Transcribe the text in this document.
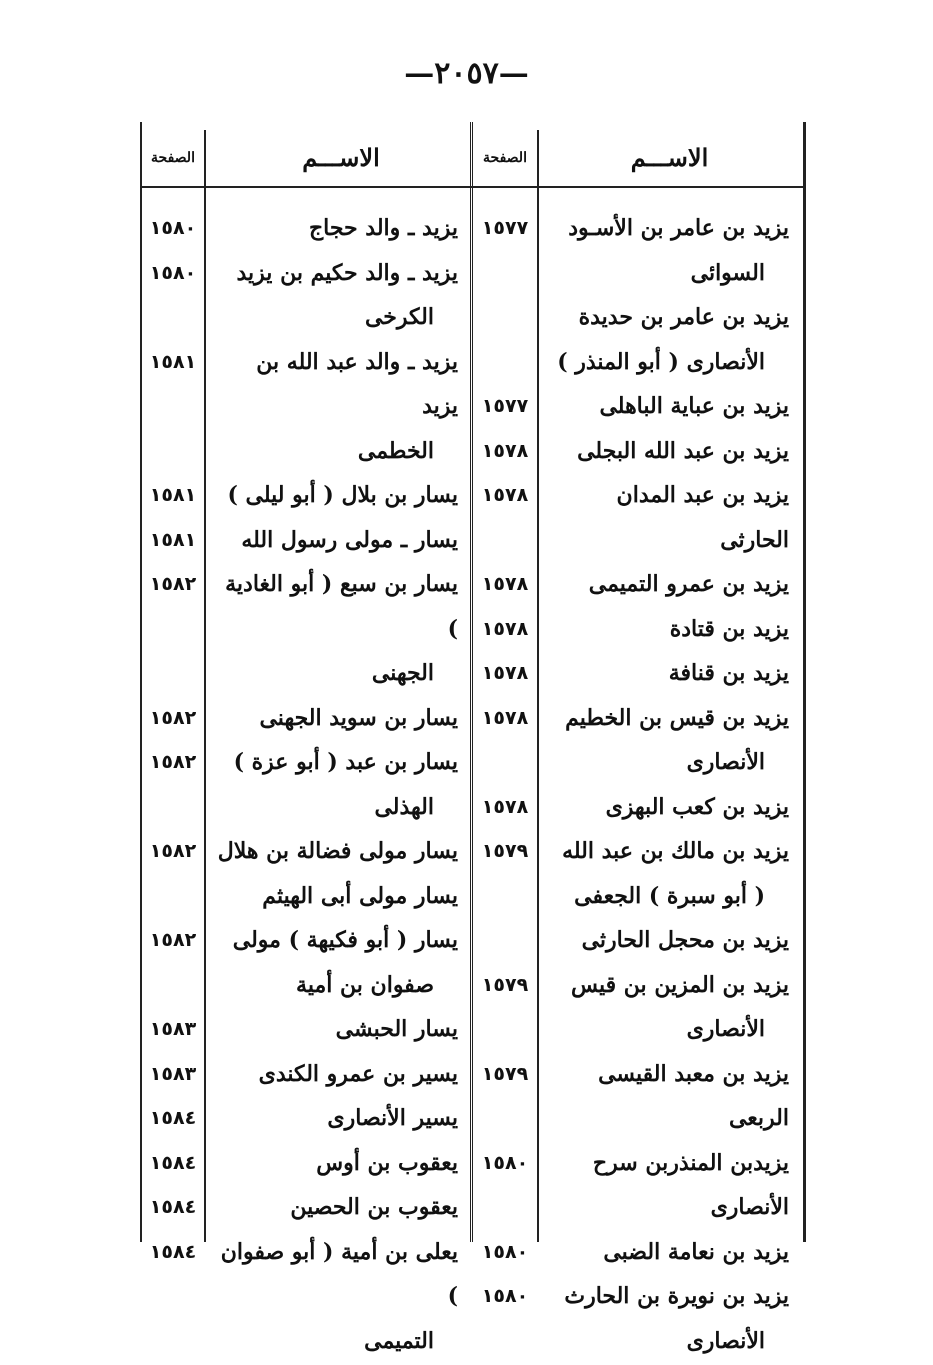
—٢٠٥٧—
الاســـم
الصفحة
يزيد بن عامر بن الأسـود
السوائى
١٥٧٧
يزيد بن عامر بن حديدة
الأنصارى ( أبو المنذر )
يزيد بن عباية الباهلى
١٥٧٧
يزيد بن عبد الله البجلى
١٥٧٨
يزيد بن عبد المدان الحارثى
١٥٧٨
يزيد بن عمرو التميمى
١٥٧٨
يزيد بن قتادة
١٥٧٨
يزيد بن قنافة
١٥٧٨
يزيد بن قيس بن الخطيم
الأنصارى
١٥٧٨
يزيد بن كعب البهزى
١٥٧٨
يزيد بن مالك بن عبد الله
( أبو سبرة ) الجعفى
١٥٧٩
يزيد بن محجل الحارثى
يزيد بن المزين بن قيس
الأنصارى
١٥٧٩
يزيد بن معبد القيسى الربعى
١٥٧٩
يزيدبن المنذربن سرح الأنصارى
١٥٨٠
يزيد بن نعامة الضبى
١٥٨٠
يزيد بن نويرة بن الحارث
الأنصارى
١٥٨٠
الاســـم
الصفحة
يزيد ـ والد حجاج
١٥٨٠
يزيد ـ والد حكيم بن يزيد
الكرخى
١٥٨٠
يزيد ـ والد عبد الله بن يزيد
الخطمى
١٥٨١
يسار بن بلال ( أبو ليلى )
١٥٨١
يسار ـ مولى رسول الله
١٥٨١
يسار بن سبع ( أبو الغادية )
الجهنى
١٥٨٢
يسار بن سويد الجهنى
١٥٨٢
يسار بن عبد ( أبو عزة )
الهذلى
١٥٨٢
يسار مولى فضالة بن هلال
١٥٨٢
يسار مولى أبى الهيثم
يسار ( أبو فكيهة ) مولى
صفوان بن أمية
١٥٨٢
يسار الحبشى
١٥٨٣
يسير بن عمرو الكندى
١٥٨٣
يسير الأنصارى
١٥٨٤
يعقوب بن أوس
١٥٨٤
يعقوب بن الحصين
١٥٨٤
يعلى بن أمية ( أبو صفوان )
التميمى
١٥٨٤
